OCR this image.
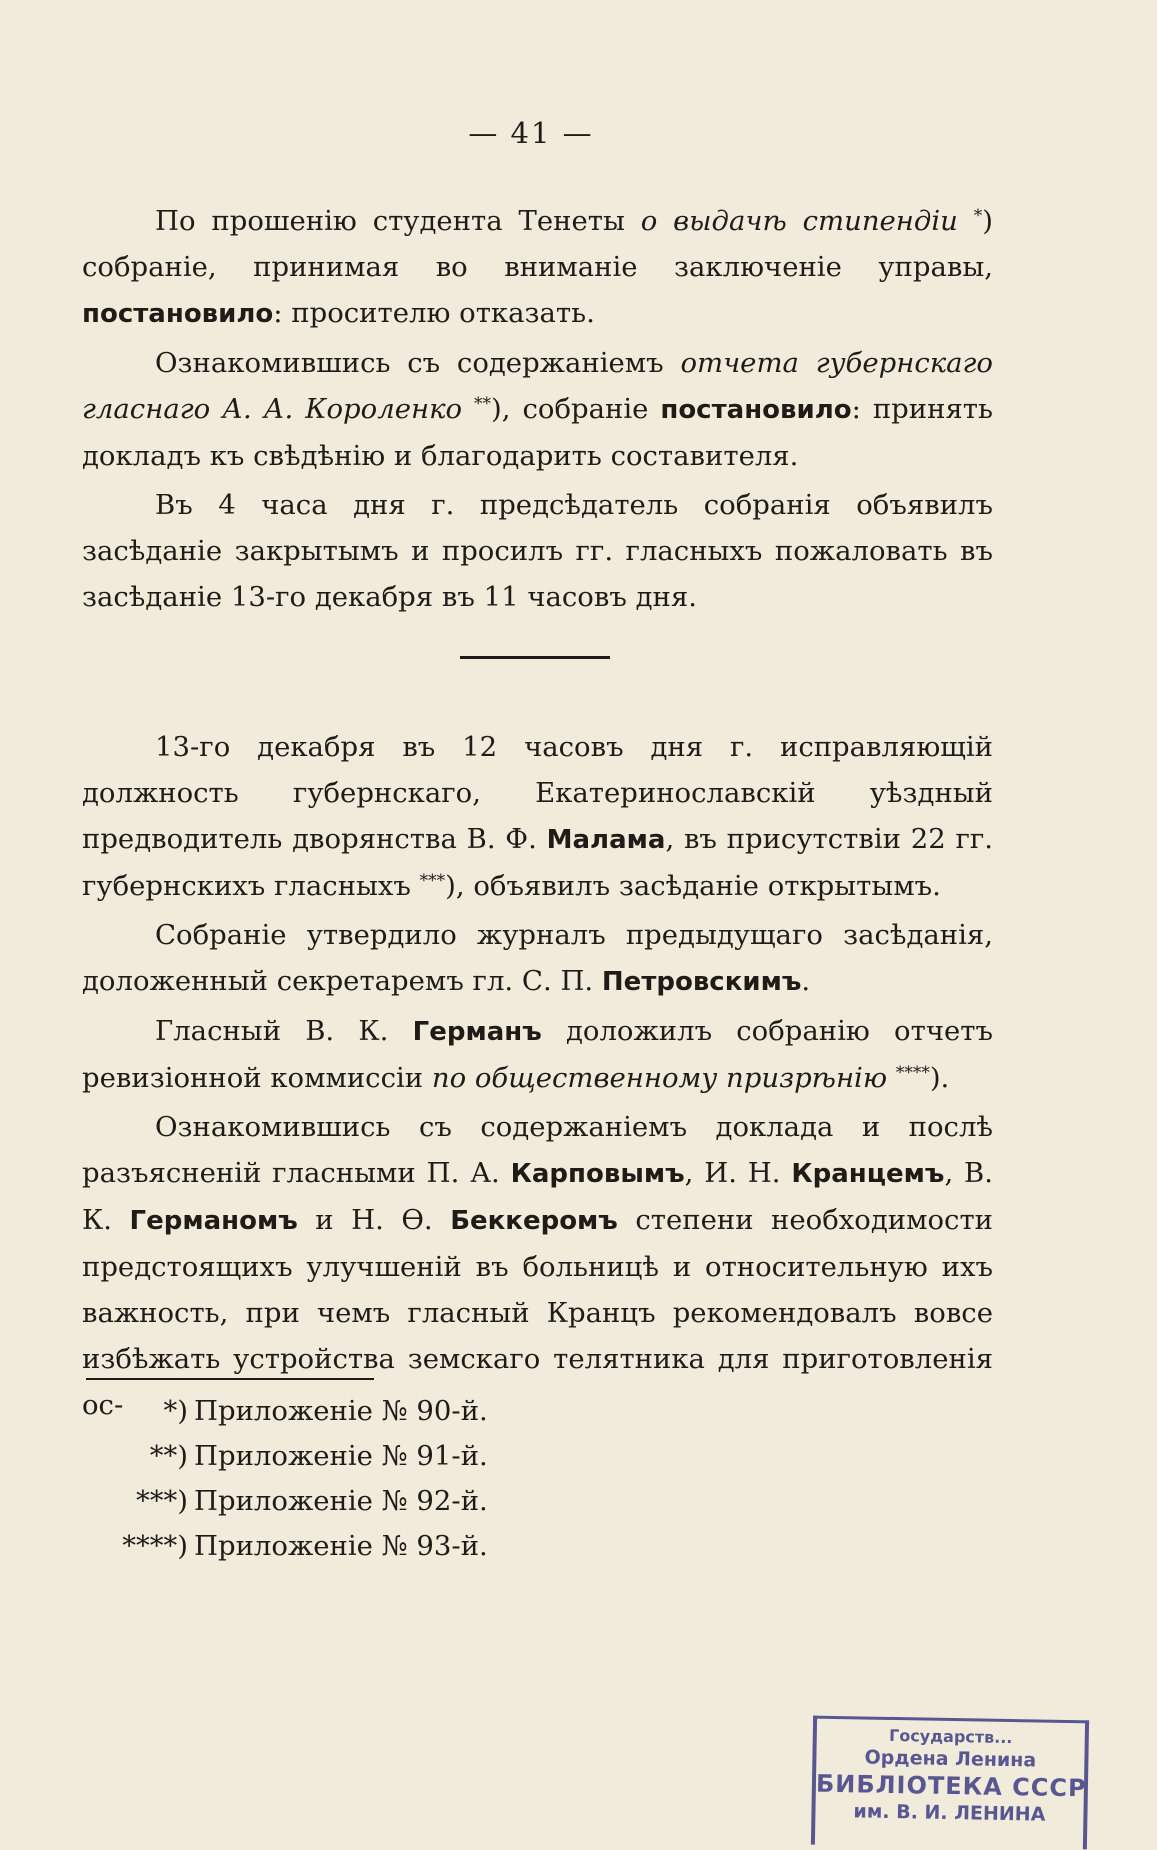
— 41 —

По прошенію студента Тенеты о выдачѣ стипендіи *) собраніе, принимая во вниманіе заключеніе управы, постановило: просителю отказать.

Ознакомившись съ содержаніемъ отчета губернскаго гласнаго А. А. Короленко **), собраніе постановило: принять докладъ къ свѣдѣнію и благодарить составителя.

Въ 4 часа дня г. предсѣдатель собранія объявилъ засѣданіе закрытымъ и просилъ гг. гласныхъ пожаловать въ засѣданіе 13-го декабря въ 11 часовъ дня.

13-го декабря въ 12 часовъ дня г. исправляющій должность губернскаго, Екатеринославскій уѣздный предводитель дворянства В. Ф. Малама, въ присутствіи 22 гг. губернскихъ гласныхъ ***), объявилъ засѣданіе открытымъ.

Собраніе утвердило журналъ предыдущаго засѣданія, доложенный секретаремъ гл. С. П. Петровскимъ.

Гласный В. К. Германъ доложилъ собранію отчетъ ревизіонной коммиссіи по общественному призрѣнію ****).

Ознакомившись съ содержаніемъ доклада и послѣ разъясненій гласными П. А. Карповымъ, И. Н. Кранцемъ, В. К. Германомъ и Н. Ѳ. Беккеромъ степени необходимости предстоящихъ улучшеній въ больницѣ и относительную ихъ важность, при чемъ гласный Кранцъ рекомендовалъ вовсе избѣжать устройства земскаго телятника для приготовленія ос-	*) Приложеніе № 90-й.
**) Приложеніе № 91-й.
***) Приложеніе № 92-й.
****) Приложеніе № 93-й.
Государств...
Ордена Ленина
БИБЛІОТЕКА СССР
им. В. И. ЛЕНИНА
